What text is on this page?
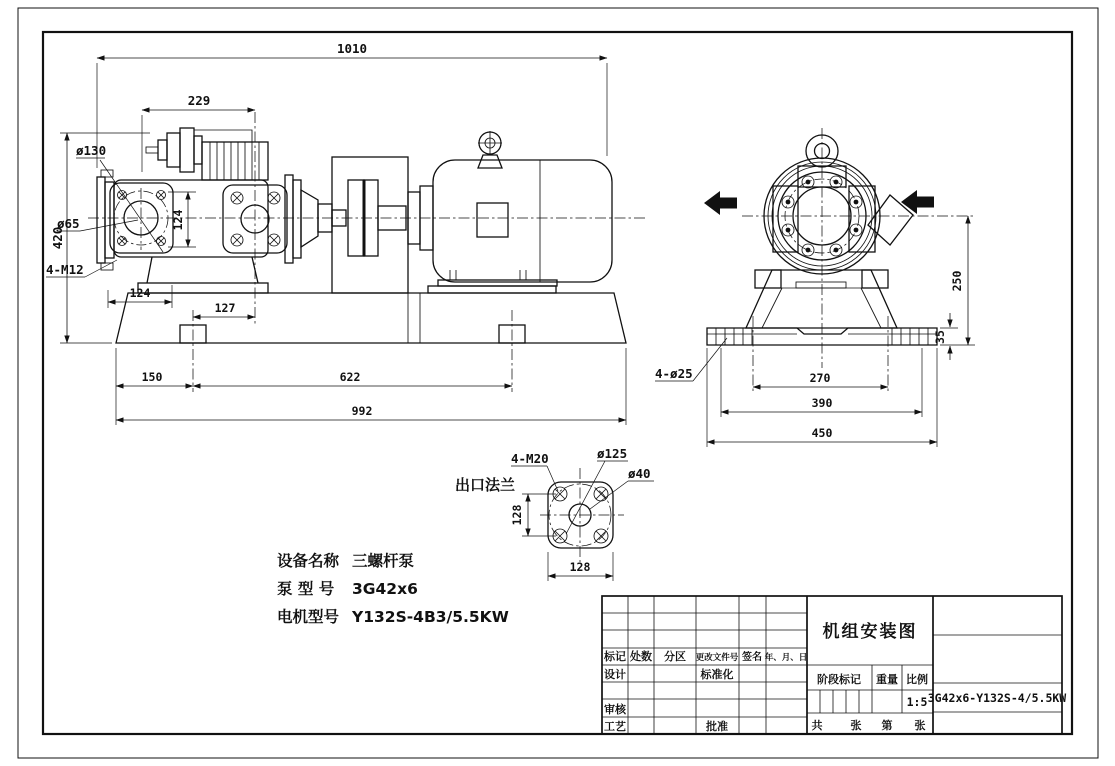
1010
229
420
124
ø130
ø65
4-M12
124
127
150	622
992
250
35
270
390
450
4-ø25
出口法兰
4-M20	ø125
ø40
128
128
设备名称 三螺杆泵
泵 型 号 3G42x6
电机型号 Y132S-4B3/5.5KW
标记 处数 分区 更改文件号 签名 年、月、日
设计	标准化
审核
工艺	批准
机组安装图
阶段标记 重量 比例
1:5
共	张 第 张
3G42x6-Y132S-4/5.5KW
